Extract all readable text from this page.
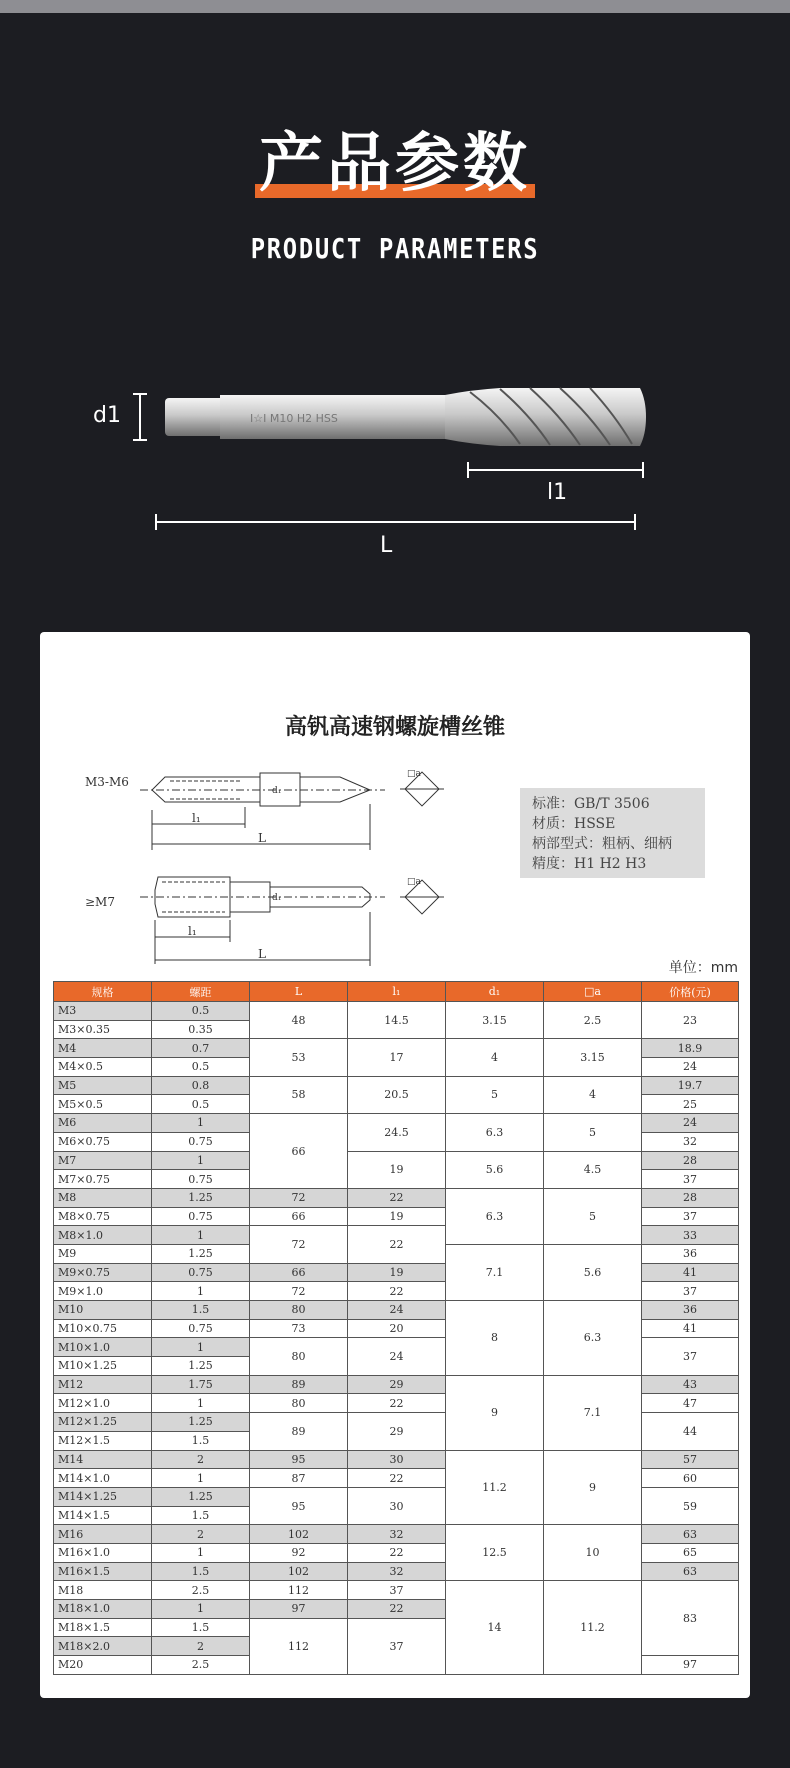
产品参数
PRODUCT PARAMETERS
I☆I M10 H2 HSS
d1
l1
L
高钒高速钢螺旋槽丝锥
M3-M6
l₁
L
d₁
□a
≥M7
l₁
L
d₁
□a
标准：GB/T 3506
材质：HSSE
柄部型式：粗柄、细柄
精度：H1 H2 H3
单位：mm
规格	螺距	L	l₁	d₁	□a	价格(元)
M3	0.5	48	14.5	3.15	2.5	23
M3×0.35	0.35					
M4	0.7	53	17	4	3.15	18.9
M4×0.5	0.5					24
M5	0.8	58	20.5	5	4	19.7
M5×0.5	0.5					25
M6	1	66	24.5	6.3	5	24
M6×0.75	0.75					32
M7	1		19	5.6	4.5	28
M7×0.75	0.75					37
M8	1.25	72	22	6.3	5	28
M8×0.75	0.75	66	19			37
M8×1.0	1	72	22			33
M9	1.25			7.1	5.6	36
M9×0.75	0.75	66	19			41
M9×1.0	1	72	22			37
M10	1.5	80	24	8	6.3	36
M10×0.75	0.75	73	20			41
M10×1.0	1	80	24			37
M10×1.25	1.25					
M12	1.75	89	29	9	7.1	43
M12×1.0	1	80	22			47
M12×1.25	1.25	89	29			44
M12×1.5	1.5					
M14	2	95	30	11.2	9	57
M14×1.0	1	87	22			60
M14×1.25	1.25	95	30			59
M14×1.5	1.5					
M16	2	102	32	12.5	10	63
M16×1.0	1	92	22			65
M16×1.5	1.5	102	32			63
M18	2.5	112	37	14	11.2	83
M18×1.0	1	97	22			
M18×1.5	1.5	112	37			
M18×2.0	2					
M20	2.5					97
